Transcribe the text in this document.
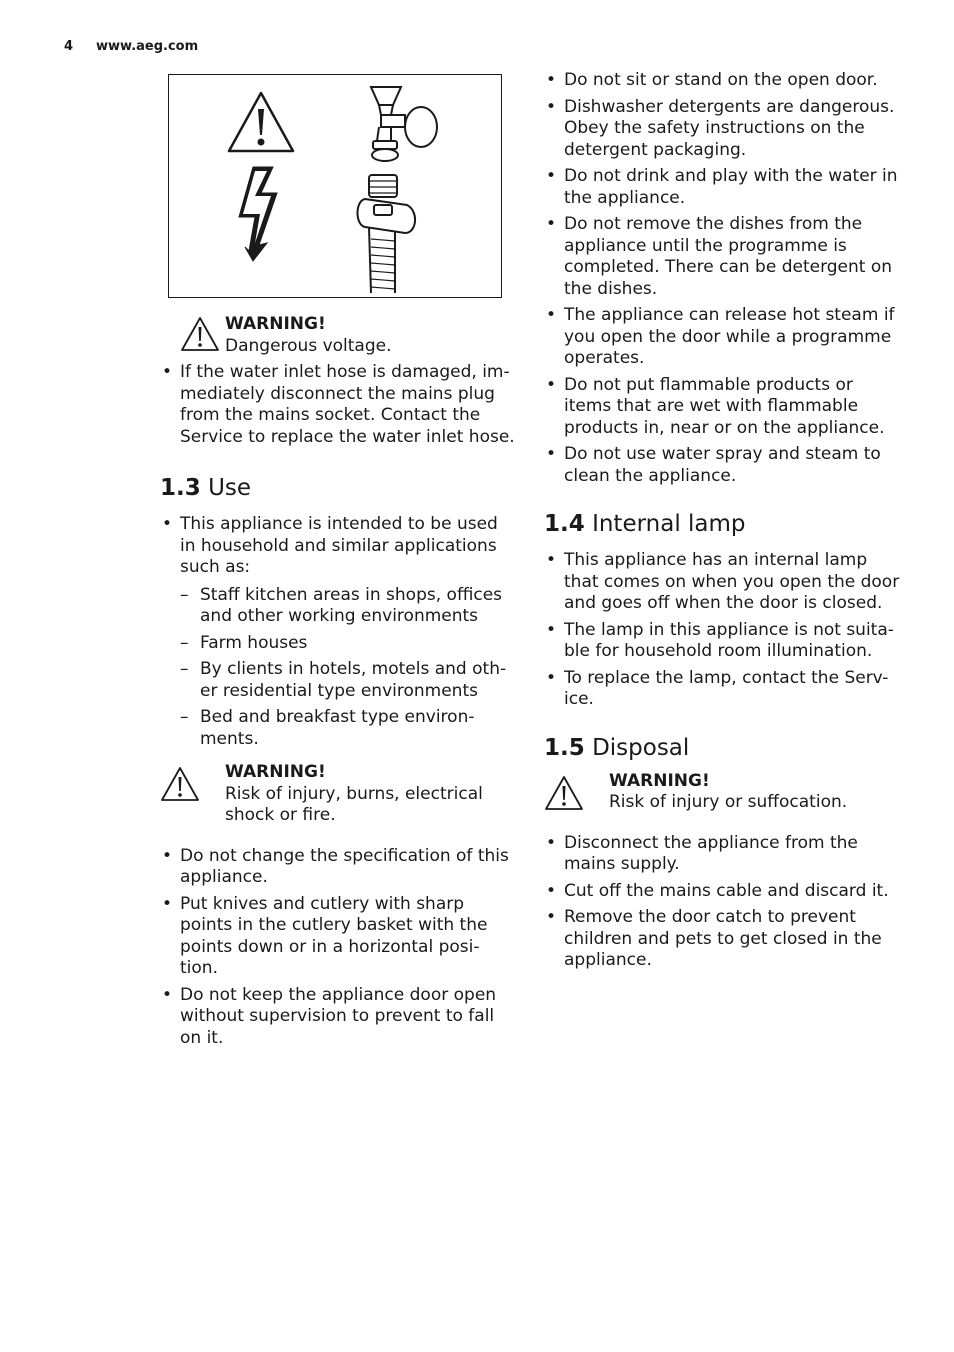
4 www.aeg.com
WARNING!
Dangerous voltage.
• If the water inlet hose is damaged, im-mediately disconnect the mains plug from the mains socket. Contact the Service to replace the water inlet hose.
1.3 Use
• This appliance is intended to be used in household and similar applications such as:
– Staff kitchen areas in shops, offices and other working environments
– Farm houses
– By clients in hotels, motels and oth-er residential type environments
– Bed and breakfast type environ-ments.
WARNING!
Risk of injury, burns, electrical shock or fire.
• Do not change the specification of this appliance.
• Put knives and cutlery with sharp points in the cutlery basket with the points down or in a horizontal posi-tion.
• Do not keep the appliance door open without supervision to prevent to fall on it.
• Do not sit or stand on the open door.
• Dishwasher detergents are dangerous. Obey the safety instructions on the detergent packaging.
• Do not drink and play with the water in the appliance.
• Do not remove the dishes from the appliance until the programme is completed. There can be detergent on the dishes.
• The appliance can release hot steam if you open the door while a programme operates.
• Do not put flammable products or items that are wet with flammable products in, near or on the appliance.
• Do not use water spray and steam to clean the appliance.
1.4 Internal lamp
• This appliance has an internal lamp that comes on when you open the door and goes off when the door is closed.
• The lamp in this appliance is not suita-ble for household room illumination.
• To replace the lamp, contact the Serv-ice.
1.5 Disposal
WARNING!
Risk of injury or suffocation.
• Disconnect the appliance from the mains supply.
• Cut off the mains cable and discard it.
• Remove the door catch to prevent children and pets to get closed in the appliance.
